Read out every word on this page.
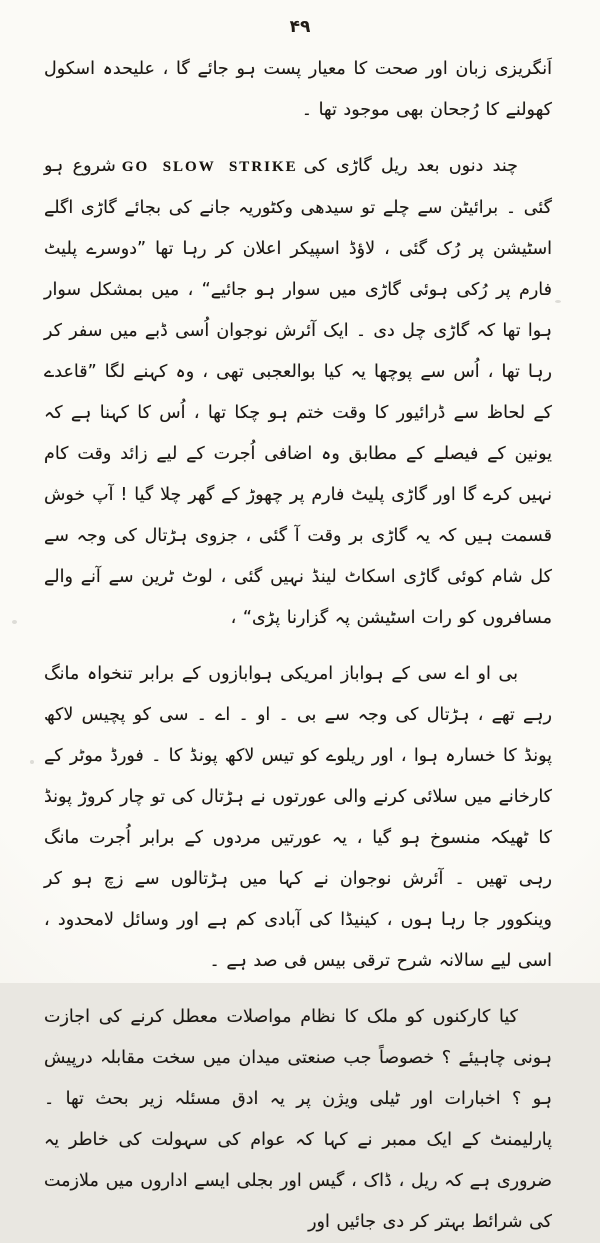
۴۹

اَنگریزی زبان اور صحت کا معیار پست ہو جائے گا ، علیحدہ اسکول کھولنے کا رُجحان بھی موجود تھا ۔

چند دنوں بعد ریل گاڑی کیGO SLOW STRIKEشروع ہو گئی ۔ برائیٹن سے چلے تو سیدھی وکٹوریہ جانے کی بجائے گاڑی اگلے اسٹیشن پر رُک گئی ، لاؤڈ اسپیکر اعلان کر رہا تھا ”دوسرے پلیٹ فارم پر رُکی ہوئی گاڑی میں سوار ہو جائیے“ ، میں بمشکل سوار ہوا تھا کہ گاڑی چل دی ۔ ایک آئرش نوجوان اُسی ڈبے میں سفر کر رہا تھا ، اُس سے پوچھا یہ کیا بوالعجبی تھی ، وہ کہنے لگا ”قاعدے کے لحاظ سے ڈرائیور کا وقت ختم ہو چکا تھا ، اُس کا کہنا ہے کہ یونین کے فیصلے کے مطابق وہ اضافی اُجرت کے لیے زائد وقت کام نہیں کرے گا اور گاڑی پلیٹ فارم پر چھوڑ کے گھر چلا گیا ! آپ خوش قسمت ہیں کہ یہ گاڑی بر وقت آ گئی ، جزوی ہڑتال کی وجہ سے کل شام کوئی گاڑی اسکاٹ لینڈ نہیں گئی ، لوٹ ٹرین سے آنے والے مسافروں کو رات اسٹیشن پہ گزارنا پڑی“ ،

بی او اے سی کے ہواباز امریکی ہوابازوں کے برابر تنخواہ مانگ رہے تھے ، ہڑتال کی وجہ سے بی ۔ او ۔ اے ۔ سی کو پچیس لاکھ پونڈ کا خسارہ ہوا ، اور ریلوے کو تیس لاکھ پونڈ کا ۔ فورڈ موٹر کے کارخانے میں سلائی کرنے والی عورتوں نے ہڑتال کی تو چار کروڑ پونڈ کا ٹھیکہ منسوخ ہو گیا ، یہ عورتیں مردوں کے برابر اُجرت مانگ رہی تھیں ۔ آئرش نوجوان نے کہا میں ہڑتالوں سے زچ ہو کر وینکوور جا رہا ہوں ، کینیڈا کی آبادی کم ہے اور وسائل لامحدود ، اسی لیے سالانہ شرح ترقی بیس فی صد ہے ۔

کیا کارکنوں کو ملک کا نظام مواصلات معطل کرنے کی اجازت ہونی چاہیئے ؟ خصوصاً جب صنعتی میدان میں سخت مقابلہ درپیش ہو ؟ اخبارات اور ٹیلی ویژن پر یہ ادق مسئلہ زیر بحث تھا ۔ پارلیمنٹ کے ایک ممبر نے کہا کہ عوام کی سہولت کی خاطر یہ ضروری ہے کہ ریل ، ڈاک ، گیس اور بجلی ایسے اداروں میں ملازمت کی شرائط بہتر کر دی جائیں اور
